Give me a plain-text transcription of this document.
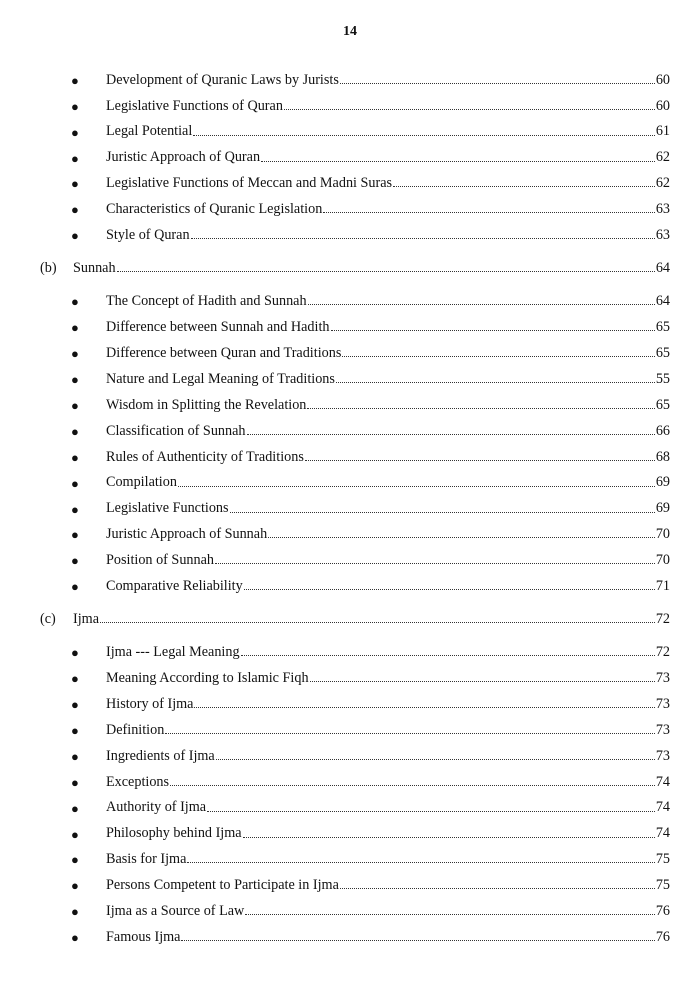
14
●	Development of Quranic Laws by Jurists	60
●	Legislative Functions of Quran	60
●	Legal Potential	61
●	Juristic Approach of Quran	62
●	Legislative Functions of Meccan and Madni Suras	62
●	Characteristics of Quranic Legislation	63
●	Style of Quran	63
(b)	Sunnah	64
●	The Concept of Hadith and Sunnah	64
●	Difference between Sunnah and Hadith	65
●	Difference between Quran and Traditions	65
●	Nature and Legal Meaning of Traditions	55
●	Wisdom in Splitting the Revelation	65
●	Classification of Sunnah	66
●	Rules of Authenticity of Traditions	68
●	Compilation	69
●	Legislative Functions	69
●	Juristic Approach of Sunnah	70
●	Position of Sunnah	70
●	Comparative Reliability	71
(c)	Ijma	72
●	Ijma --- Legal Meaning	72
●	Meaning According to Islamic Fiqh	73
●	History of Ijma	73
●	Definition	73
●	Ingredients of Ijma	73
●	Exceptions	74
●	Authority of Ijma	74
●	Philosophy behind Ijma	74
●	Basis for Ijma	75
●	Persons Competent to Participate in Ijma	75
●	Ijma as a Source of Law	76
●	Famous Ijma	76
